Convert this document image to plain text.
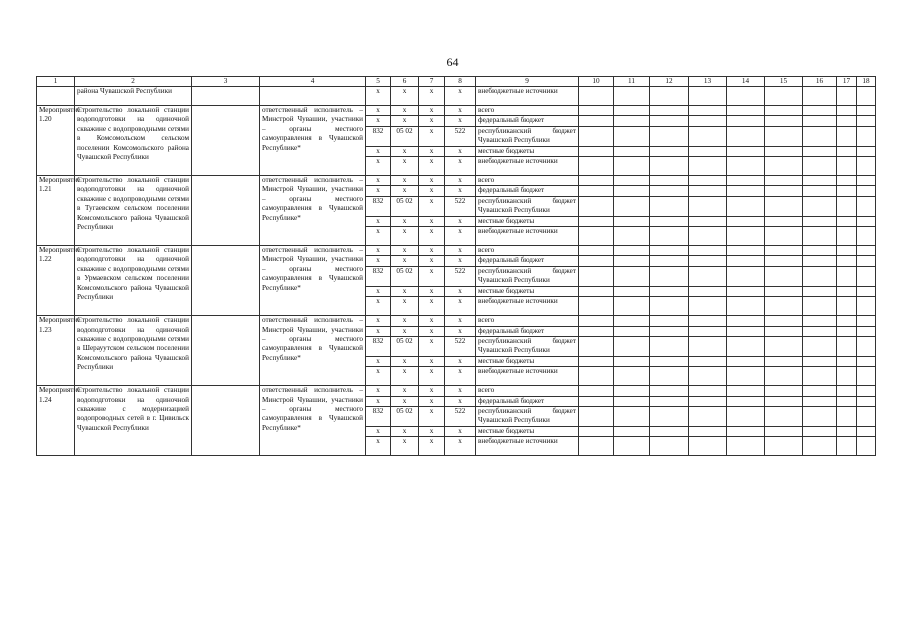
64
1	2	3	4	5	6	7	8	9	10	11	12	13	14	15	16	17	18
	района Чувашской Республики			х	х	х	х	внебюджетные источники									
Мероприятие 1.20	Строительство локальной станции водоподготовки на одиночной скважине с водопроводными сетями в Комсомольском сельском поселении Комсомольского района Чувашской Республики		ответственный исполнитель – Минстрой Чувашии, участники – органы местного самоуправления в Чувашской Республике*	х	х	х	х	всего									
				х	х	х	х	федеральный бюджет									
				832	05 02	х	522	республиканский бюджет Чувашской Республики									
				х	х	х	х	местные бюджеты									
				х	х	х	х	внебюджетные источники									
Мероприятие 1.21	Строительство локальной станции водоподготовки на одиночной скважине с водопроводными сетями в Тугаевском сельском поселении Комсомольского района Чувашской Республики		ответственный исполнитель – Минстрой Чувашии, участники – органы местного самоуправления в Чувашской Республике*	х	х	х	х	всего									
				х	х	х	х	федеральный бюджет									
				832	05 02	х	522	республиканский бюджет Чувашской Республики									
				х	х	х	х	местные бюджеты									
				х	х	х	х	внебюджетные источники									
Мероприятие 1.22	Строительство локальной станции водоподготовки на одиночной скважине с водопроводными сетями в Урмаевском сельском поселении Комсомольского района Чувашской Республики		ответственный исполнитель – Минстрой Чувашии, участники – органы местного самоуправления в Чувашской Республике*	х	х	х	х	всего									
				х	х	х	х	федеральный бюджет									
				832	05 02	х	522	республиканский бюджет Чувашской Республики									
				х	х	х	х	местные бюджеты									
				х	х	х	х	внебюджетные источники									
Мероприятие 1.23	Строительство локальной станции водоподготовки на одиночной скважине с водопроводными сетями в Шерауутском сельском поселении Комсомольского района Чувашской Республики		ответственный исполнитель – Минстрой Чувашии, участники – органы местного самоуправления в Чувашской Республике*	х	х	х	х	всего									
				х	х	х	х	федеральный бюджет									
				832	05 02	х	522	республиканский бюджет Чувашской Республики									
				х	х	х	х	местные бюджеты									
				х	х	х	х	внебюджетные источники									
Мероприятие 1.24	Строительство локальной станции водоподготовки на одиночной скважине с модернизацией водопроводных сетей в г. Цивильск Чувашской Республики		ответственный исполнитель – Минстрой Чувашии, участники – органы местного самоуправления в Чувашской Республике*	х	х	х	х	всего									
				х	х	х	х	федеральный бюджет									
				832	05 02	х	522	республиканский бюджет Чувашской Республики									
				х	х	х	х	местные бюджеты									
				х	х	х	х	внебюджетные источники									
